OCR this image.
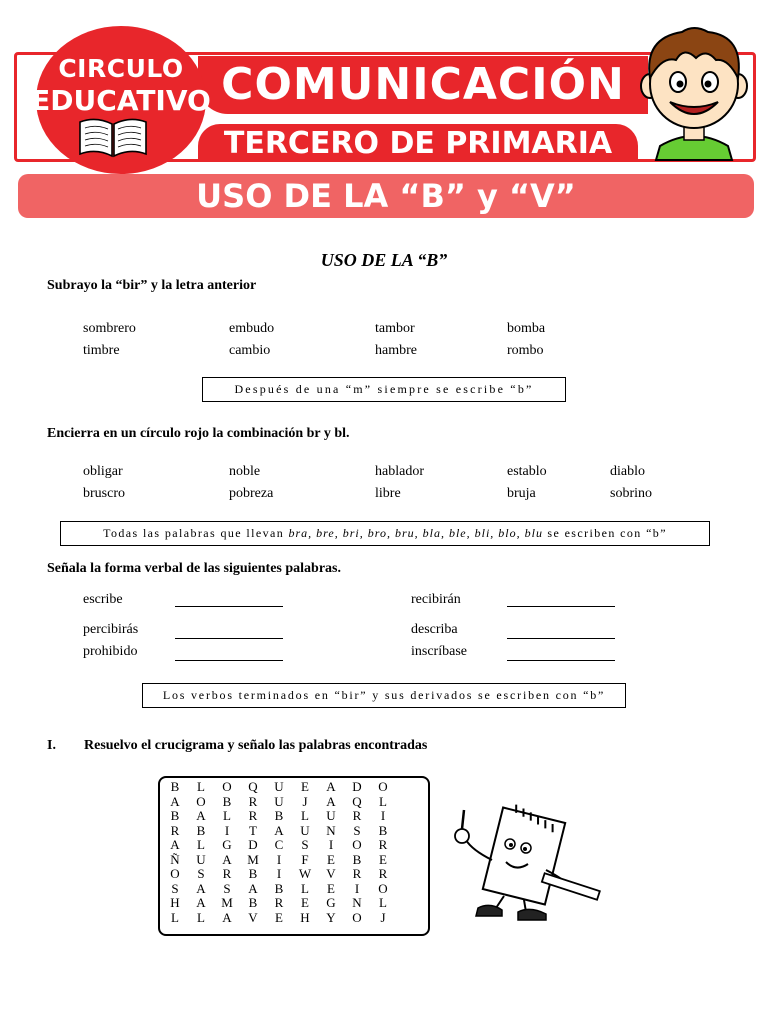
COMUNICACIÓN
TERCERO DE PRIMARIA
CIRCULO
EDUCATIVO
USO DE LA “B” y “V”
USO DE LA “B”
Subrayo la “bir” y la letra anterior
sombrero	embudo	tambor	bomba
timbre	cambio	hambre	rombo
Después de una “m” siempre se escribe “b”
Encierra en un círculo rojo la combinación br y bl.
obligar	noble	hablador	establo	diablo
bruscro	pobreza	libre	bruja	sobrino
Todas las palabras que llevan bra, bre, bri, bro, bru, bla, ble, bli, blo, blu se escriben con “b”
Señala la forma verbal de las siguientes palabras.
escribe	recibirán
percibirás	describa
prohibido	inscríbase
Los verbos terminados en “bir” y sus derivados se escriben con “b”
I. Resuelvo el crucigrama y señalo las palabras encontradas
B	L	O	Q	U	E	A	D	O
A	O	B	R	U	J	A	Q	L
B	A	L	R	B	L	U	R	I
R	B	I	T	A	U	N	S	B
A	L	G	D	C	S	I	O	R
Ñ	U	A	M	I	F	E	B	E
O	S	R	B	I	W	V	R	R
S	A	S	A	B	L	E	I	O
H	A	M	B	R	E	G	N	L
L	L	A	V	E	H	Y	O	J
